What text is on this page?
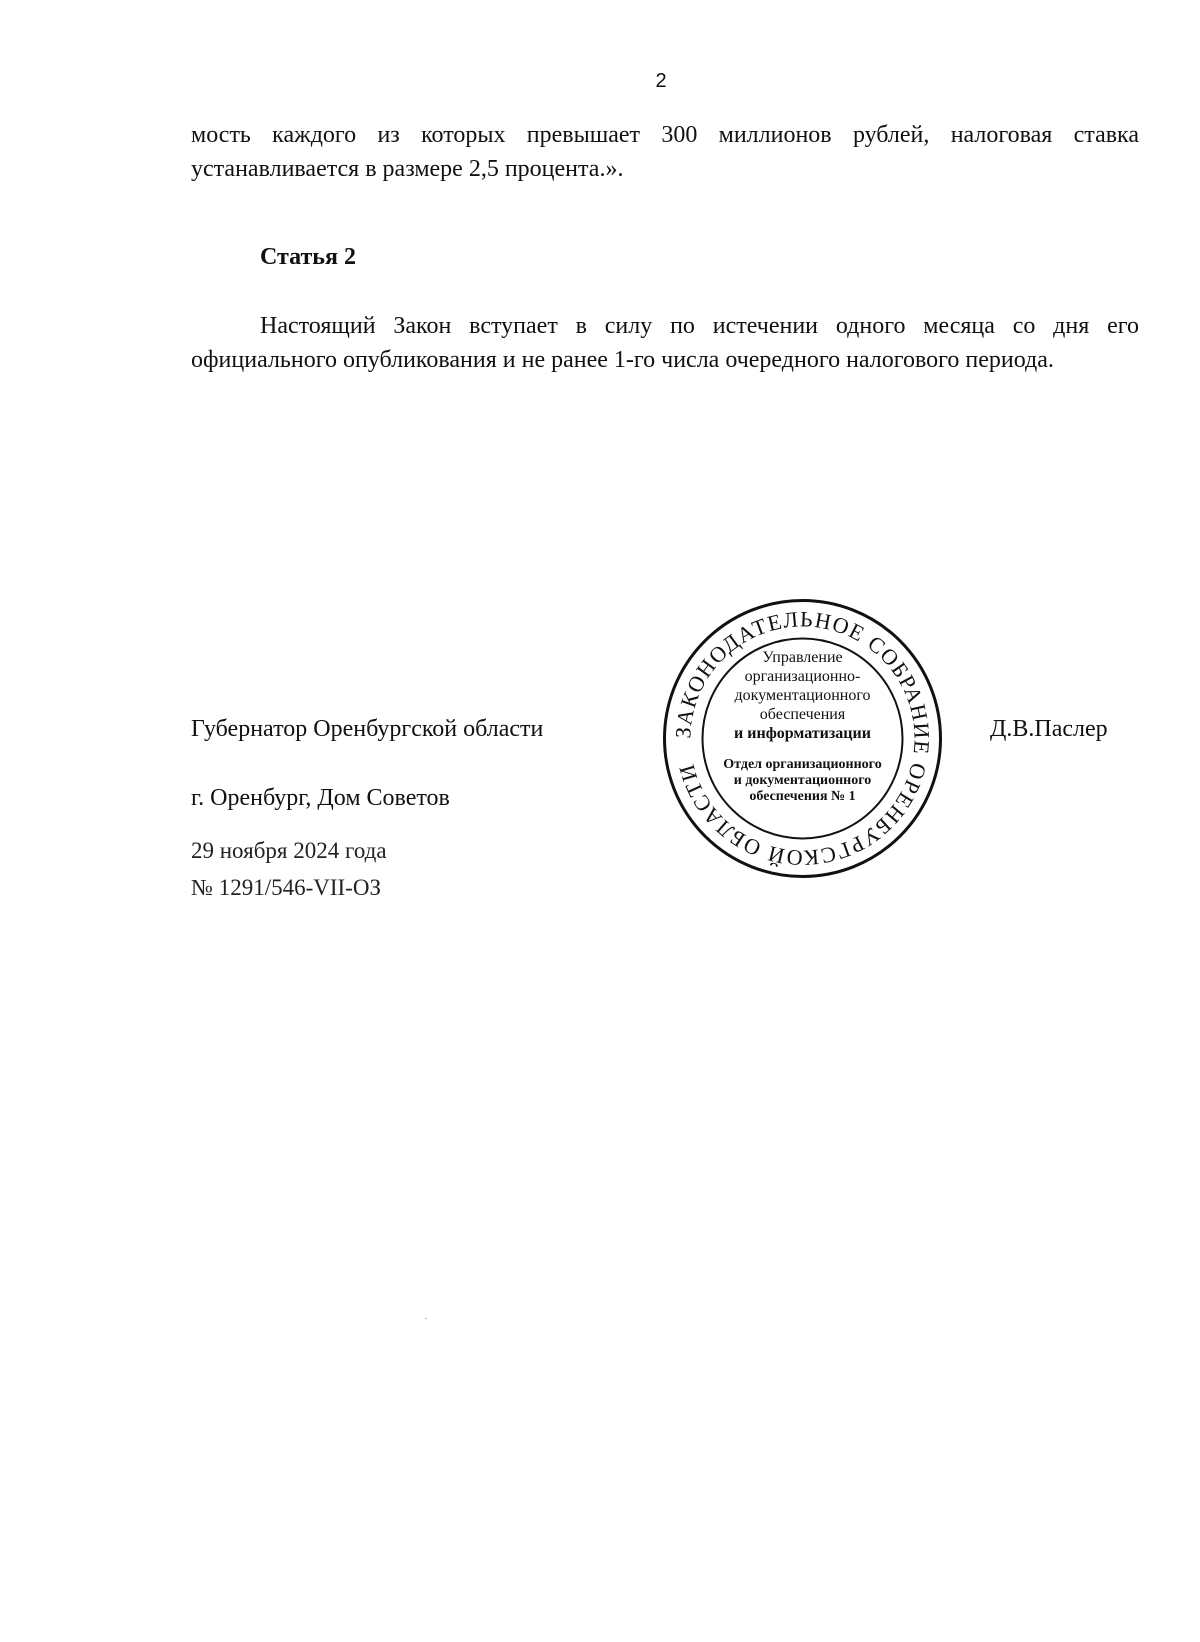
2
мость каждого из которых превышает 300 миллионов рублей, налоговая ставка устанавливается в размере 2,5 процента.».
Статья 2
Настоящий Закон вступает в силу по истечении одного месяца со дня его официального опубликования и не ранее 1-го числа очередного налогового периода.
Губернатор Оренбургской области	Д.В.Паслер
г. Оренбург, Дом Советов
29 ноября 2024 года
№ 1291/546-VII-ОЗ
ЗАКОНОДАТЕЛЬНОЕ СОБРАНИЕ ОРЕНБУРГСКОЙ ОБЛАСТИ
Управление
организационно-
документационного
обеспечения
и информатизации
Отдел организационного
и документационного
обеспечения № 1
